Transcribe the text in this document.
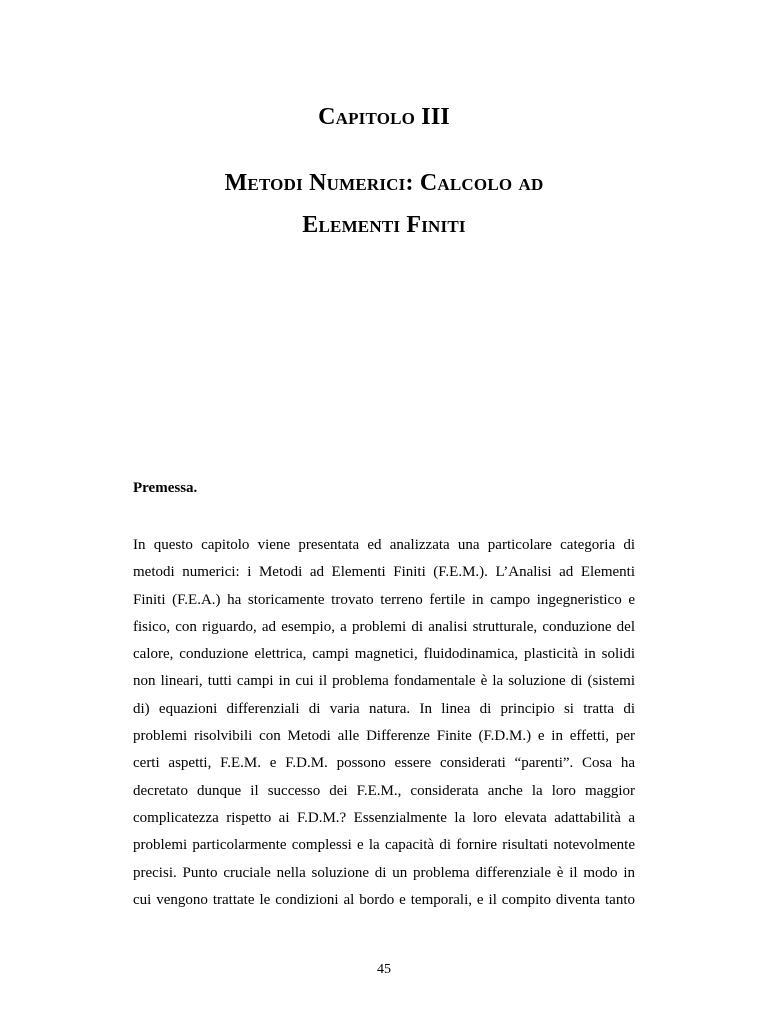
Capitolo III
Metodi Numerici: Calcolo ad
Elementi Finiti
Premessa.
In questo capitolo viene presentata ed analizzata una particolare categoria di
metodi numerici: i Metodi ad Elementi Finiti (F.E.M.). L’Analisi ad Elementi
Finiti (F.E.A.) ha storicamente trovato terreno fertile in campo ingegneristico e
fisico, con riguardo, ad esempio, a problemi di analisi strutturale, conduzione del
calore, conduzione elettrica, campi magnetici, fluidodinamica, plasticità in solidi
non lineari, tutti campi in cui il problema fondamentale è la soluzione di (sistemi
di) equazioni differenziali di varia natura. In linea di principio si tratta di
problemi risolvibili con Metodi alle Differenze Finite (F.D.M.) e in effetti, per
certi aspetti, F.E.M. e F.D.M. possono essere considerati “parenti”. Cosa ha
decretato dunque il successo dei F.E.M., considerata anche la loro maggior
complicatezza rispetto ai F.D.M.? Essenzialmente la loro elevata adattabilità a
problemi particolarmente complessi e la capacità di fornire risultati notevolmente
precisi. Punto cruciale nella soluzione di un problema differenziale è il modo in
cui vengono trattate le condizioni al bordo e temporali, e il compito diventa tanto

45
